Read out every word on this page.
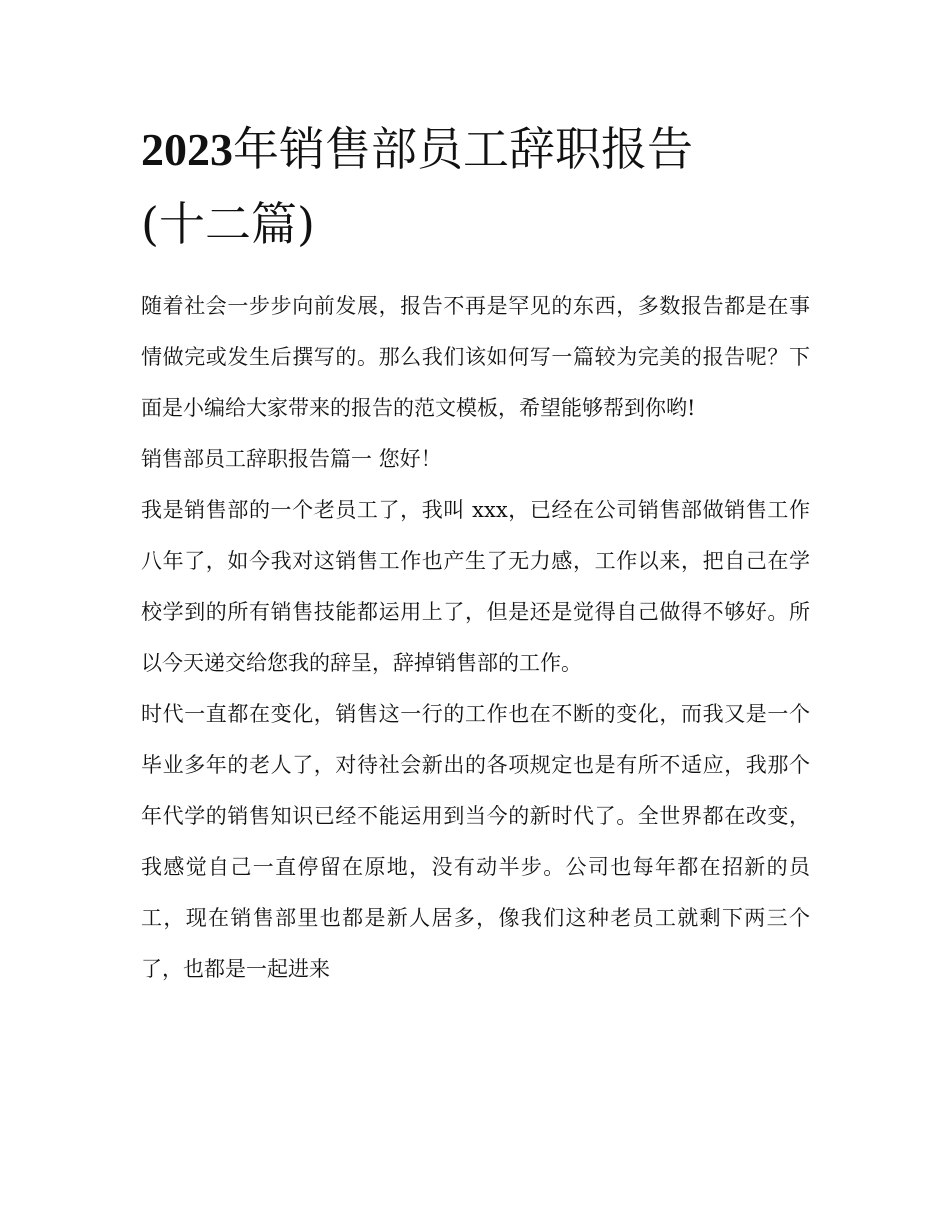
2023年销售部员工辞职报告
(十二篇)

随着社会一步步向前发展，报告不再是罕见的东西，多数报告都是在事情做完或发生后撰写的。那么我们该如何写一篇较为完美的报告呢？下面是小编给大家带来的报告的范文模板，希望能够帮到你哟!

销售部员工辞职报告篇一 您好！

我是销售部的一个老员工了，我叫 xxx，已经在公司销售部做销售工作八年了，如今我对这销售工作也产生了无力感，工作以来，把自己在学校学到的所有销售技能都运用上了，但是还是觉得自己做得不够好。所以今天递交给您我的辞呈，辞掉销售部的工作。

时代一直都在变化，销售这一行的工作也在不断的变化，而我又是一个毕业多年的老人了，对待社会新出的各项规定也是有所不适应，我那个年代学的销售知识已经不能运用到当今的新时代了。全世界都在改变，我感觉自己一直停留在原地，没有动半步。公司也每年都在招新的员工，现在销售部里也都是新人居多，像我们这种老员工就剩下两三个了，也都是一起进来
